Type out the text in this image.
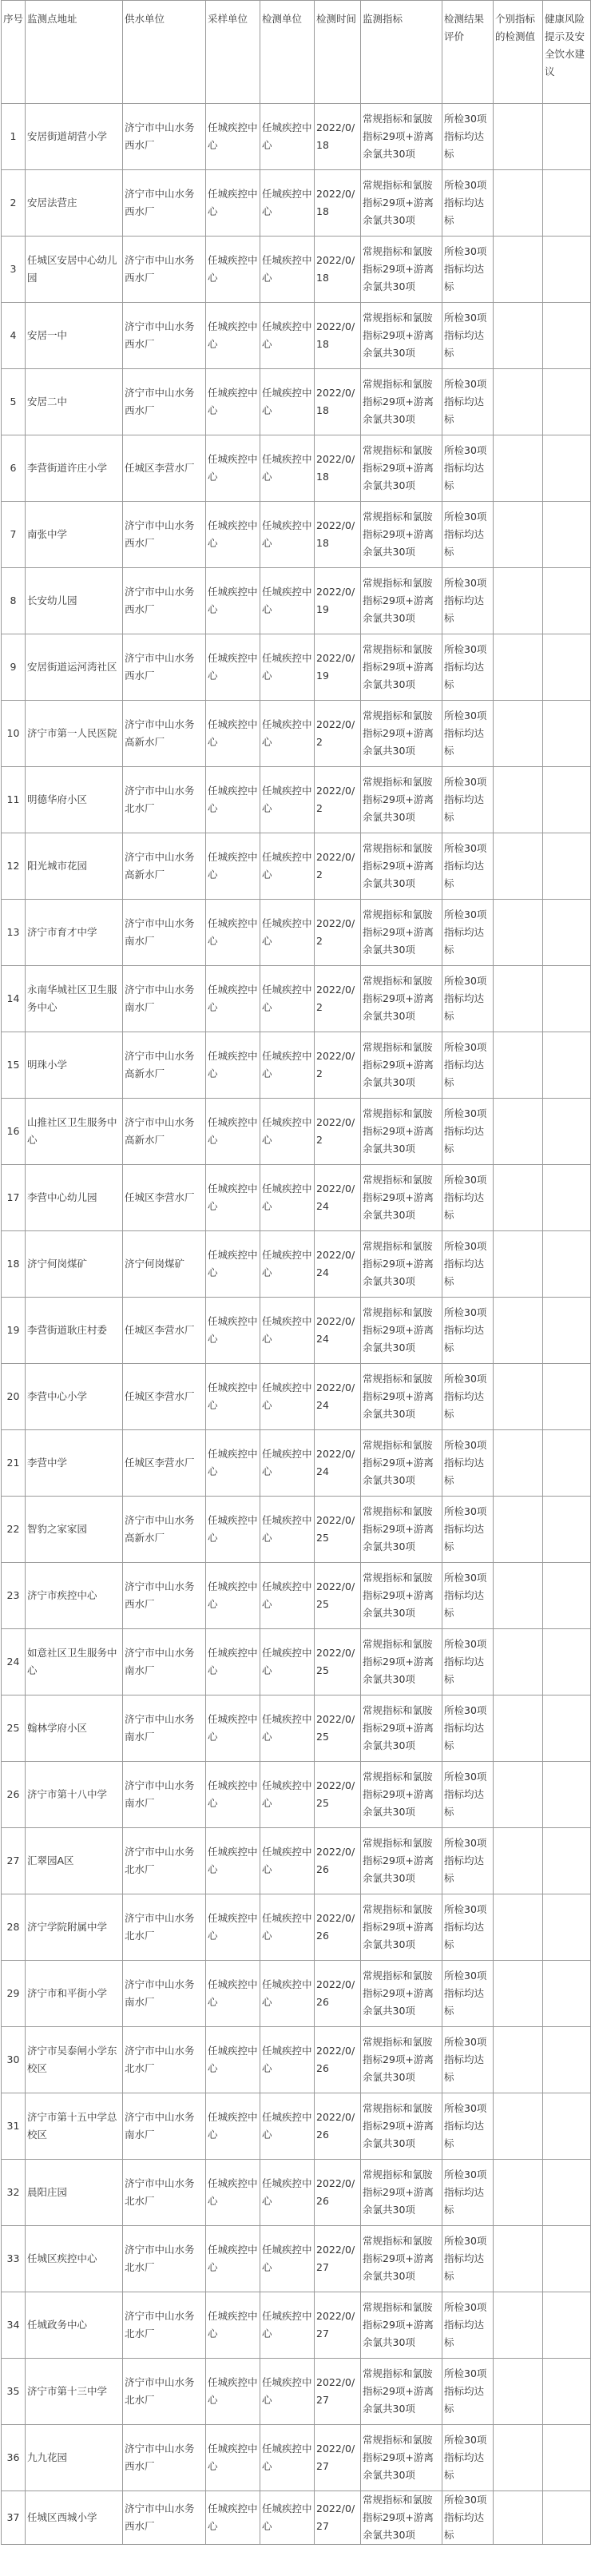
序号	监测点地址	供水单位	采样单位	检测单位	检测时间	监测指标	检测结果评价	个别指标的检测值	健康风险提示及安全饮水建议
1	安居街道胡营小学	济宁市中山水务西水厂	任城疾控中心	任城疾控中心	2022/0/18	常规指标和氯胺指标29项+游离余氯共30项	所检30项指标均达标		
2	安居法营庄	济宁市中山水务西水厂	任城疾控中心	任城疾控中心	2022/0/18	常规指标和氯胺指标29项+游离余氯共30项	所检30项指标均达标		
3	任城区安居中心幼儿园	济宁市中山水务西水厂	任城疾控中心	任城疾控中心	2022/0/18	常规指标和氯胺指标29项+游离余氯共30项	所检30项指标均达标		
4	安居一中	济宁市中山水务西水厂	任城疾控中心	任城疾控中心	2022/0/18	常规指标和氯胺指标29项+游离余氯共30项	所检30项指标均达标		
5	安居二中	济宁市中山水务西水厂	任城疾控中心	任城疾控中心	2022/0/18	常规指标和氯胺指标29项+游离余氯共30项	所检30项指标均达标		
6	李营街道许庄小学	任城区李营水厂	任城疾控中心	任城疾控中心	2022/0/18	常规指标和氯胺指标29项+游离余氯共30项	所检30项指标均达标		
7	南张中学	济宁市中山水务西水厂	任城疾控中心	任城疾控中心	2022/0/18	常规指标和氯胺指标29项+游离余氯共30项	所检30项指标均达标		
8	长安幼儿园	济宁市中山水务西水厂	任城疾控中心	任城疾控中心	2022/0/19	常规指标和氯胺指标29项+游离余氯共30项	所检30项指标均达标		
9	安居街道运河湾社区	济宁市中山水务西水厂	任城疾控中心	任城疾控中心	2022/0/19	常规指标和氯胺指标29项+游离余氯共30项	所检30项指标均达标		
10	济宁市第一人民医院	济宁市中山水务高新水厂	任城疾控中心	任城疾控中心	2022/0/2	常规指标和氯胺指标29项+游离余氯共30项	所检30项指标均达标		
11	明德华府小区	济宁市中山水务北水厂	任城疾控中心	任城疾控中心	2022/0/2	常规指标和氯胺指标29项+游离余氯共30项	所检30项指标均达标		
12	阳光城市花园	济宁市中山水务高新水厂	任城疾控中心	任城疾控中心	2022/0/2	常规指标和氯胺指标29项+游离余氯共30项	所检30项指标均达标		
13	济宁市育才中学	济宁市中山水务南水厂	任城疾控中心	任城疾控中心	2022/0/2	常规指标和氯胺指标29项+游离余氯共30项	所检30项指标均达标		
14	永南华城社区卫生服务中心	济宁市中山水务南水厂	任城疾控中心	任城疾控中心	2022/0/2	常规指标和氯胺指标29项+游离余氯共30项	所检30项指标均达标		
15	明珠小学	济宁市中山水务高新水厂	任城疾控中心	任城疾控中心	2022/0/2	常规指标和氯胺指标29项+游离余氯共30项	所检30项指标均达标		
16	山推社区卫生服务中心	济宁市中山水务高新水厂	任城疾控中心	任城疾控中心	2022/0/2	常规指标和氯胺指标29项+游离余氯共30项	所检30项指标均达标		
17	李营中心幼儿园	任城区李营水厂	任城疾控中心	任城疾控中心	2022/0/24	常规指标和氯胺指标29项+游离余氯共30项	所检30项指标均达标		
18	济宁何岗煤矿	济宁何岗煤矿	任城疾控中心	任城疾控中心	2022/0/24	常规指标和氯胺指标29项+游离余氯共30项	所检30项指标均达标		
19	李营街道耿庄村委	任城区李营水厂	任城疾控中心	任城疾控中心	2022/0/24	常规指标和氯胺指标29项+游离余氯共30项	所检30项指标均达标		
20	李营中心小学	任城区李营水厂	任城疾控中心	任城疾控中心	2022/0/24	常规指标和氯胺指标29项+游离余氯共30项	所检30项指标均达标		
21	李营中学	任城区李营水厂	任城疾控中心	任城疾控中心	2022/0/24	常规指标和氯胺指标29项+游离余氯共30项	所检30项指标均达标		
22	智豹之家家园	济宁市中山水务高新水厂	任城疾控中心	任城疾控中心	2022/0/25	常规指标和氯胺指标29项+游离余氯共30项	所检30项指标均达标		
23	济宁市疾控中心	济宁市中山水务西水厂	任城疾控中心	任城疾控中心	2022/0/25	常规指标和氯胺指标29项+游离余氯共30项	所检30项指标均达标		
24	如意社区卫生服务中心	济宁市中山水务南水厂	任城疾控中心	任城疾控中心	2022/0/25	常规指标和氯胺指标29项+游离余氯共30项	所检30项指标均达标		
25	翰林学府小区	济宁市中山水务南水厂	任城疾控中心	任城疾控中心	2022/0/25	常规指标和氯胺指标29项+游离余氯共30项	所检30项指标均达标		
26	济宁市第十八中学	济宁市中山水务南水厂	任城疾控中心	任城疾控中心	2022/0/25	常规指标和氯胺指标29项+游离余氯共30项	所检30项指标均达标		
27	汇翠园A区	济宁市中山水务北水厂	任城疾控中心	任城疾控中心	2022/0/26	常规指标和氯胺指标29项+游离余氯共30项	所检30项指标均达标		
28	济宁学院附属中学	济宁市中山水务北水厂	任城疾控中心	任城疾控中心	2022/0/26	常规指标和氯胺指标29项+游离余氯共30项	所检30项指标均达标		
29	济宁市和平街小学	济宁市中山水务南水厂	任城疾控中心	任城疾控中心	2022/0/26	常规指标和氯胺指标29项+游离余氯共30项	所检30项指标均达标		
30	济宁市吴泰闸小学东校区	济宁市中山水务北水厂	任城疾控中心	任城疾控中心	2022/0/26	常规指标和氯胺指标29项+游离余氯共30项	所检30项指标均达标		
31	济宁市第十五中学总校区	济宁市中山水务南水厂	任城疾控中心	任城疾控中心	2022/0/26	常规指标和氯胺指标29项+游离余氯共30项	所检30项指标均达标		
32	晨阳庄园	济宁市中山水务北水厂	任城疾控中心	任城疾控中心	2022/0/26	常规指标和氯胺指标29项+游离余氯共30项	所检30项指标均达标		
33	任城区疾控中心	济宁市中山水务北水厂	任城疾控中心	任城疾控中心	2022/0/27	常规指标和氯胺指标29项+游离余氯共30项	所检30项指标均达标		
34	任城政务中心	济宁市中山水务北水厂	任城疾控中心	任城疾控中心	2022/0/27	常规指标和氯胺指标29项+游离余氯共30项	所检30项指标均达标		
35	济宁市第十三中学	济宁市中山水务北水厂	任城疾控中心	任城疾控中心	2022/0/27	常规指标和氯胺指标29项+游离余氯共30项	所检30项指标均达标		
36	九九花园	济宁市中山水务西水厂	任城疾控中心	任城疾控中心	2022/0/27	常规指标和氯胺指标29项+游离余氯共30项	所检30项指标均达标		
37	任城区西城小学	济宁市中山水务西水厂	任城疾控中心	任城疾控中心	2022/0/27	常规指标和氯胺指标29项+游离余氯共30项	所检30项指标均达标		
